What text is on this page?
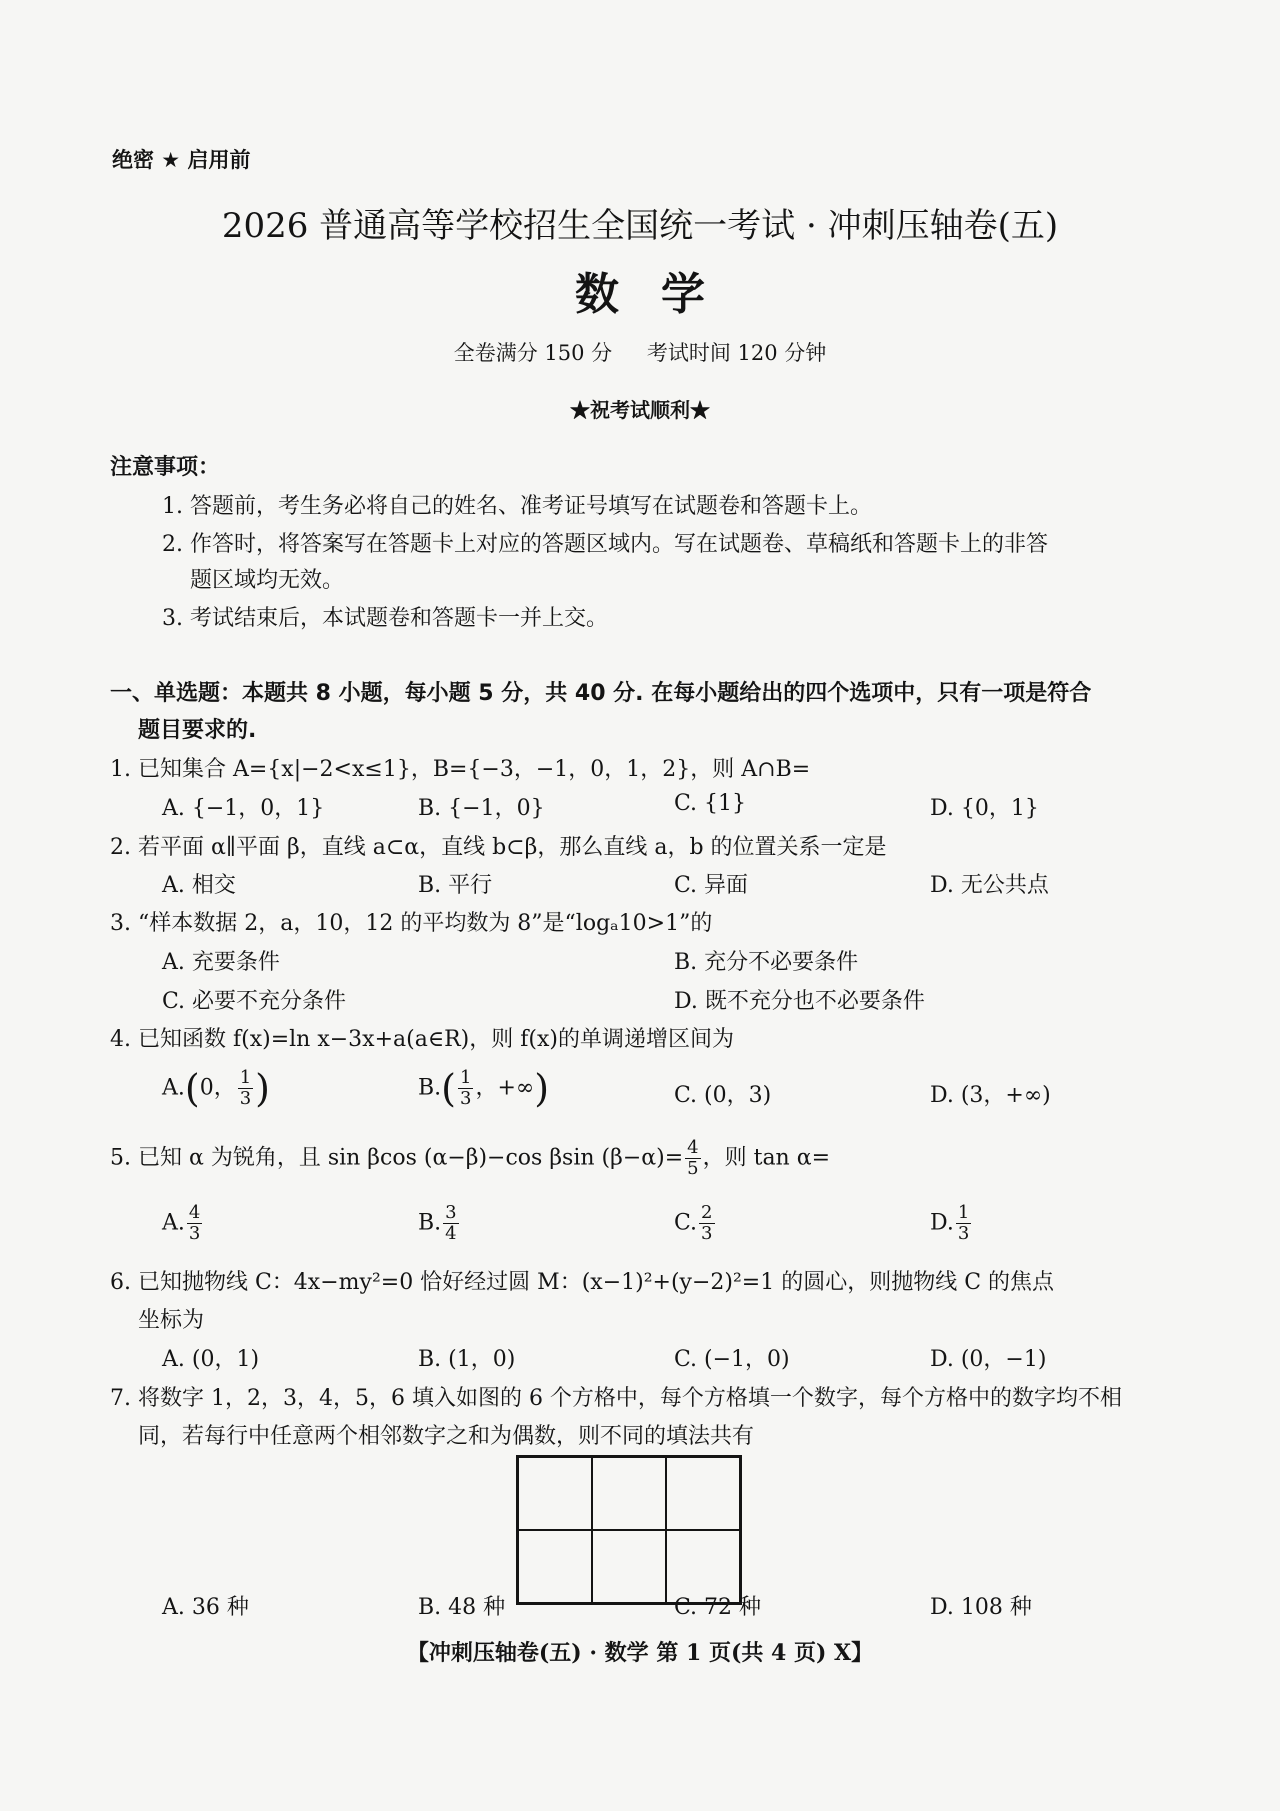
绝密 ★ 启用前
2026 普通高等学校招生全国统一考试 · 冲刺压轴卷(五)
数学
全卷满分 150 分 考试时间 120 分钟
★祝考试顺利★
注意事项：
1. 答题前，考生务必将自己的姓名、准考证号填写在试题卷和答题卡上。
2. 作答时，将答案写在答题卡上对应的答题区域内。写在试题卷、草稿纸和答题卡上的非答
题区域均无效。
3. 考试结束后，本试题卷和答题卡一并上交。
一、单选题：本题共 8 小题，每小题 5 分，共 40 分. 在每小题给出的四个选项中，只有一项是符合
题目要求的.
1. 已知集合 A={x|−2<x≤1}，B={−3，−1，0，1，2}，则 A∩B=
A. {−1，0，1}	B. {−1，0}	C. {1}	D. {0，1}
2. 若平面 α∥平面 β，直线 a⊂α，直线 b⊂β，那么直线 a，b 的位置关系一定是
A. 相交	B. 平行	C. 异面	D. 无公共点
3. “样本数据 2，a，10，12 的平均数为 8”是“logₐ10>1”的
A. 充要条件	B. 充分不必要条件
C. 必要不充分条件	D. 既不充分也不必要条件
4. 已知函数 f(x)=ln x−3x+a(a∈R)，则 f(x)的单调递增区间为
A.(0， $\frac{1}{3}$ )	$B.( \frac{1}{3}$ ，+∞)	C. (0，3)	D. (3，+∞)
5. 已知 α 为锐角，且 sin βcos (α−β)−cos βsin $(\beta-\alpha)= \frac{4}{5}$ ，则 tan α=
A. $\frac{4}{3}$	B. $\frac{3}{4}$	C. $\frac{2}{3}$	D. $\frac{1}{3}$
6. 已知抛物线 C：4x−my²=0 恰好经过圆 M：(x−1)²+(y−2)²=1 的圆心，则抛物线 C 的焦点
坐标为
A. (0，1)	B. (1，0)	C. (−1，0)	D. (0，−1)
7. 将数字 1，2，3，4，5，6 填入如图的 6 个方格中，每个方格填一个数字，每个方格中的数字均不相
同，若每行中任意两个相邻数字之和为偶数，则不同的填法共有
A. 36 种	B. 48 种	C. 72 种	D. 108 种
【冲刺压轴卷(五) · 数学 第 1 页(共 4 页) X】
